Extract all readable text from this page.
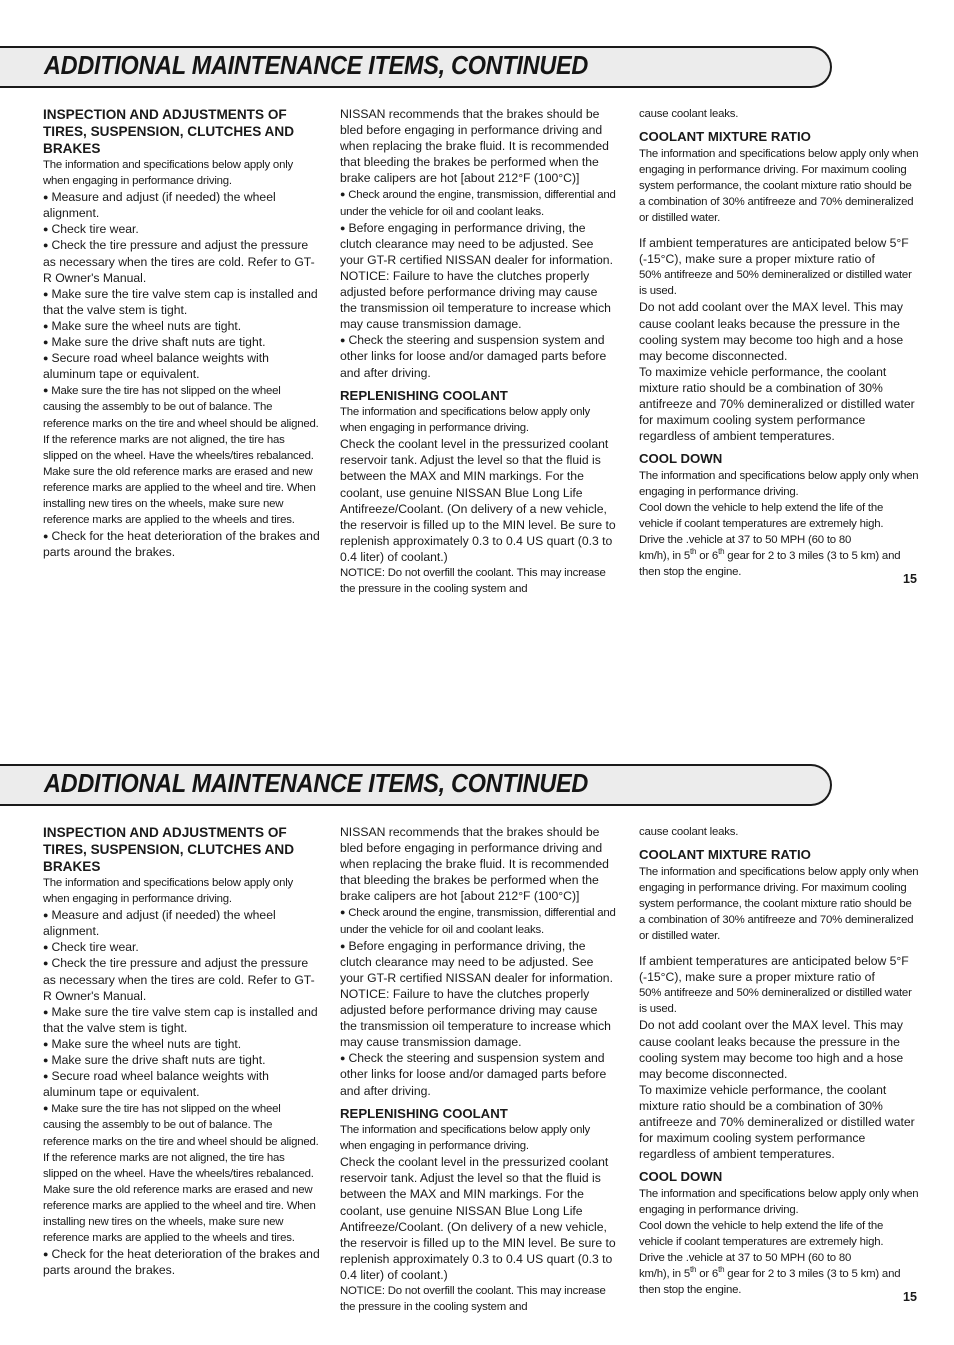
ADDITIONAL MAINTENANCE ITEMS, CONTINUED
INSPECTION AND ADJUSTMENTS OF TIRES, SUSPENSION, CLUTCHES AND BRAKES

The information and specifications below apply only when engaging in performance driving.

● Measure and adjust (if needed) the wheel alignment.

● Check tire wear.

● Check the tire pressure and adjust the pressure as necessary when the tires are cold. Refer to GT-R Owner's Manual.

● Make sure the tire valve stem cap is installed and that the valve stem is tight.

● Make sure the wheel nuts are tight.

● Make sure the drive shaft nuts are tight.

● Secure road wheel balance weights with aluminum tape or equivalent.

● Make sure the tire has not slipped on the wheel causing the assembly to be out of balance. The reference marks on the tire and wheel should be aligned. If the reference marks are not aligned, the tire has slipped on the wheel. Have the wheels/tires rebalanced. Make sure the old reference marks are erased and new reference marks are applied to the wheel and tire. When installing new tires on the wheels, make sure new reference marks are applied to the wheels and tires.

● Check for the heat deterioration of the brakes and parts around the brakes.

NISSAN recommends that the brakes should be bled before engaging in performance driving and when replacing the brake fluid. It is recommended that bleeding the brakes be performed when the brake calipers are hot [about 212°F (100°C)]

● Check around the engine, transmission, differential and under the vehicle for oil and coolant leaks.

● Before engaging in performance driving, the clutch clearance may need to be adjusted. See your GT-R certified NISSAN dealer for information.

NOTICE: Failure to have the clutches properly adjusted before performance driving may cause the transmission oil temperature to increase which may cause transmission damage.

● Check the steering and suspension system and other links for loose and/or damaged parts before and after driving.

REPLENISHING COOLANT

The information and specifications below apply only when engaging in performance driving.

Check the coolant level in the pressurized coolant reservoir tank. Adjust the level so that the fluid is between the MAX and MIN markings. For the coolant, use genuine NISSAN Blue Long Life Antifreeze/Coolant. (On delivery of a new vehicle, the reservoir is filled up to the MIN level. Be sure to replenish approximately 0.3 to 0.4 US quart (0.3 to 0.4 liter) of coolant.)

NOTICE: Do not overfill the coolant. This may increase the pressure in the cooling system and

cause coolant leaks.

COOLANT MIXTURE RATIO

The information and specifications below apply only when engaging in performance driving. For maximum cooling system performance, the coolant mixture ratio should be a combination of 30% antifreeze and 70% demineralized or distilled water.

If ambient temperatures are anticipated below 5°F (-15°C), make sure a proper mixture ratio of

50% antifreeze and 50% demineralized or distilled water is used.

Do not add coolant over the MAX level. This may cause coolant leaks because the pressure in the cooling system may become too high and a hose may become disconnected.

To maximize vehicle performance, the coolant mixture ratio should be a combination of 30% antifreeze and 70% demineralized or distilled water for maximum cooling system performance regardless of ambient temperatures.

COOL DOWN

The information and specifications below apply only when engaging in performance driving.

Cool down the vehicle to help extend the life of the vehicle if coolant temperatures are extremely high.

Drive the .vehicle at 37 to 50 MPH (60 to 80
km/h), in 5th or 6th gear for 2 to 3 miles (3 to 5 km) and then stop the engine.	15
ADDITIONAL MAINTENANCE ITEMS, CONTINUED
INSPECTION AND ADJUSTMENTS OF TIRES, SUSPENSION, CLUTCHES AND BRAKES

The information and specifications below apply only when engaging in performance driving.

● Measure and adjust (if needed) the wheel alignment.

● Check tire wear.

● Check the tire pressure and adjust the pressure as necessary when the tires are cold. Refer to GT-R Owner's Manual.

● Make sure the tire valve stem cap is installed and that the valve stem is tight.

● Make sure the wheel nuts are tight.

● Make sure the drive shaft nuts are tight.

● Secure road wheel balance weights with aluminum tape or equivalent.

● Make sure the tire has not slipped on the wheel causing the assembly to be out of balance. The reference marks on the tire and wheel should be aligned. If the reference marks are not aligned, the tire has slipped on the wheel. Have the wheels/tires rebalanced. Make sure the old reference marks are erased and new reference marks are applied to the wheel and tire. When installing new tires on the wheels, make sure new reference marks are applied to the wheels and tires.

● Check for the heat deterioration of the brakes and parts around the brakes.

NISSAN recommends that the brakes should be bled before engaging in performance driving and when replacing the brake fluid. It is recommended that bleeding the brakes be performed when the brake calipers are hot [about 212°F (100°C)]

● Check around the engine, transmission, differential and under the vehicle for oil and coolant leaks.

● Before engaging in performance driving, the clutch clearance may need to be adjusted. See your GT-R certified NISSAN dealer for information.

NOTICE: Failure to have the clutches properly adjusted before performance driving may cause the transmission oil temperature to increase which may cause transmission damage.

● Check the steering and suspension system and other links for loose and/or damaged parts before and after driving.

REPLENISHING COOLANT

The information and specifications below apply only when engaging in performance driving.

Check the coolant level in the pressurized coolant reservoir tank. Adjust the level so that the fluid is between the MAX and MIN markings. For the coolant, use genuine NISSAN Blue Long Life Antifreeze/Coolant. (On delivery of a new vehicle, the reservoir is filled up to the MIN level. Be sure to replenish approximately 0.3 to 0.4 US quart (0.3 to 0.4 liter) of coolant.)

NOTICE: Do not overfill the coolant. This may increase the pressure in the cooling system and

cause coolant leaks.

COOLANT MIXTURE RATIO

The information and specifications below apply only when engaging in performance driving. For maximum cooling system performance, the coolant mixture ratio should be a combination of 30% antifreeze and 70% demineralized or distilled water.

If ambient temperatures are anticipated below 5°F (-15°C), make sure a proper mixture ratio of

50% antifreeze and 50% demineralized or distilled water is used.

Do not add coolant over the MAX level. This may cause coolant leaks because the pressure in the cooling system may become too high and a hose may become disconnected.

To maximize vehicle performance, the coolant mixture ratio should be a combination of 30% antifreeze and 70% demineralized or distilled water for maximum cooling system performance regardless of ambient temperatures.

COOL DOWN

The information and specifications below apply only when engaging in performance driving.

Cool down the vehicle to help extend the life of the vehicle if coolant temperatures are extremely high.

Drive the .vehicle at 37 to 50 MPH (60 to 80
km/h), in 5th or 6th gear for 2 to 3 miles (3 to 5 km) and then stop the engine.	15
